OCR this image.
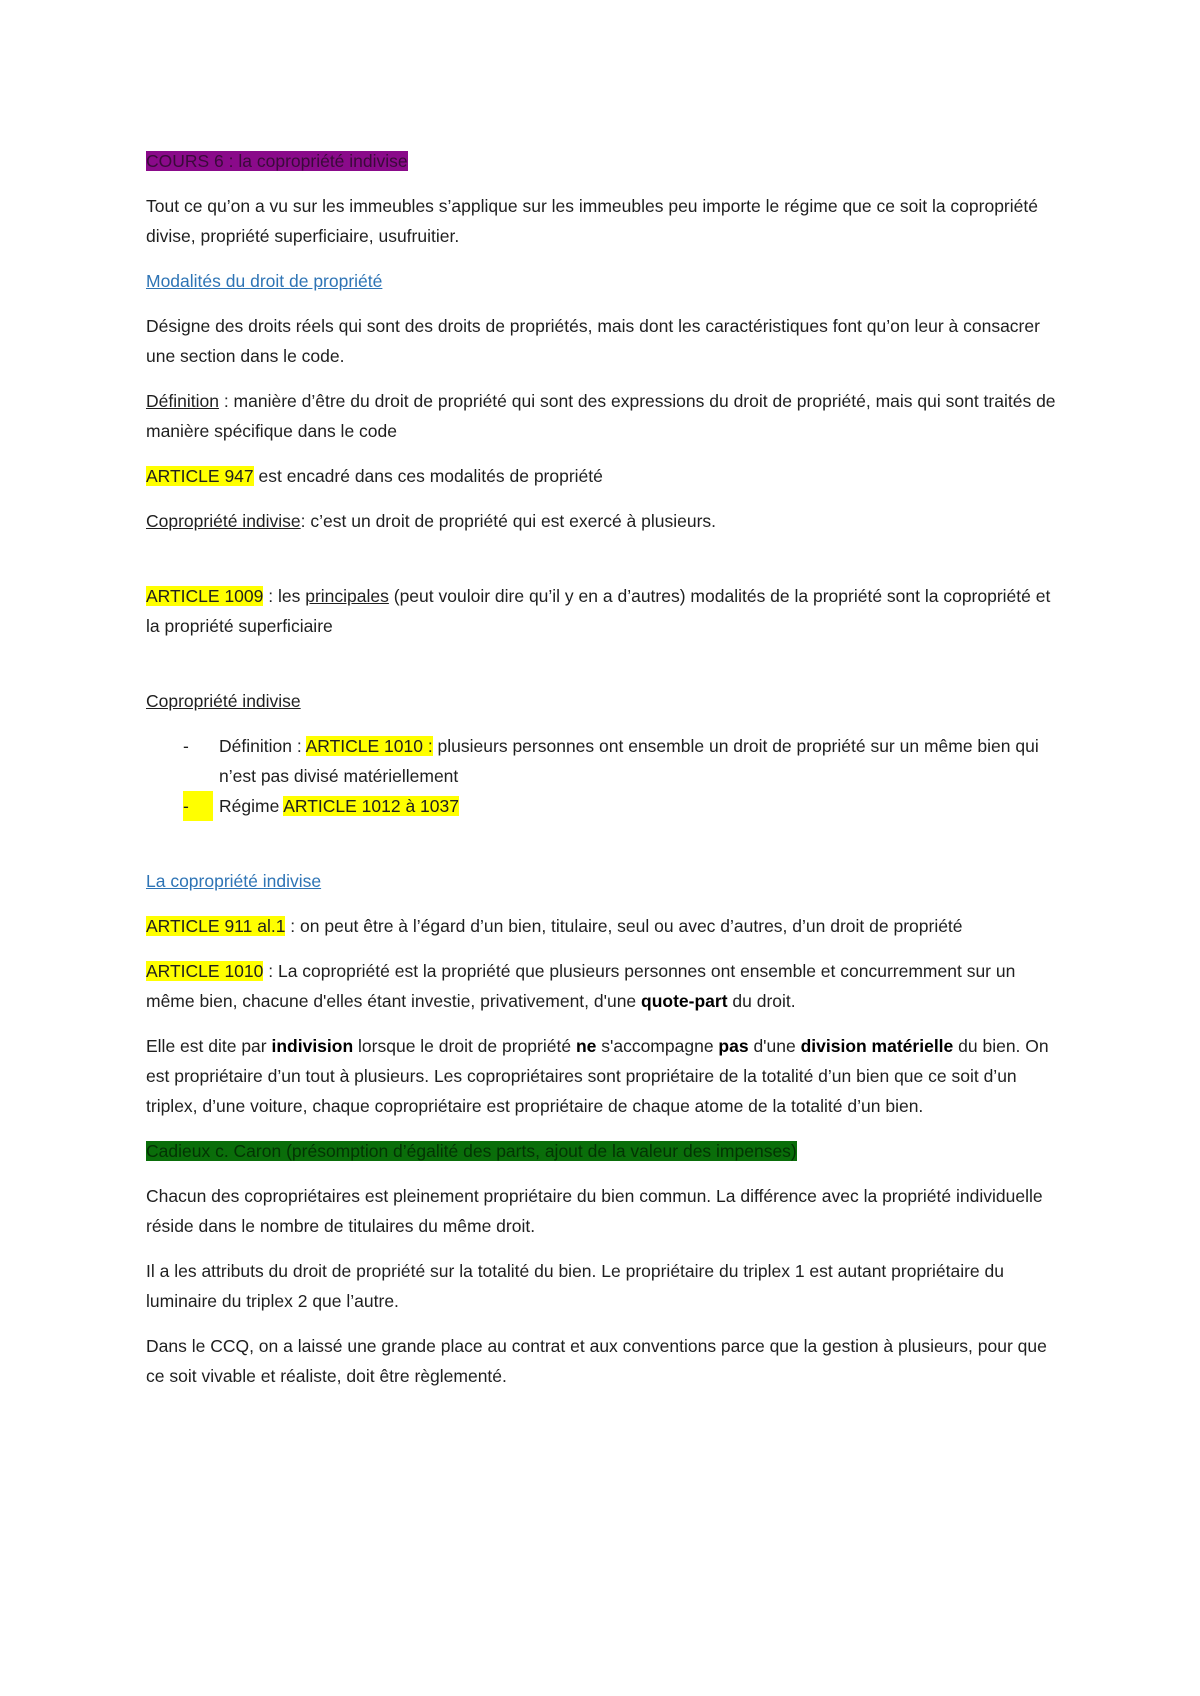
COURS 6 : la copropriété indivise

Tout ce qu’on a vu sur les immeubles s’applique sur les immeubles peu importe le régime que ce soit la copropriété divise, propriété superficiaire, usufruitier.

Modalités du droit de propriété

Désigne des droits réels qui sont des droits de propriétés, mais dont les caractéristiques font qu’on leur à consacrer une section dans le code.

Définition : manière d’être du droit de propriété qui sont des expressions du droit de propriété, mais qui sont traités de manière spécifique dans le code

ARTICLE 947 est encadré dans ces modalités de propriété

Copropriété indivise: c’est un droit de propriété qui est exercé à plusieurs.

ARTICLE 1009 : les principales (peut vouloir dire qu’il y en a d’autres) modalités de la propriété sont la copropriété et la propriété superficiaire

Copropriété indivise

- Définition : ARTICLE 1010 : plusieurs personnes ont ensemble un droit de propriété sur un même bien qui n’est pas divisé matériellement
-	Régime ARTICLE 1012 à 1037

La copropriété indivise

ARTICLE 911 al.1 : on peut être à l’égard d’un bien, titulaire, seul ou avec d’autres, d’un droit de propriété

ARTICLE 1010 : La copropriété est la propriété que plusieurs personnes ont ensemble et concurremment sur un même bien, chacune d'elles étant investie, privativement, d'une quote-part du droit.

Elle est dite par indivision lorsque le droit de propriété ne s'accompagne pas d'une division matérielle du bien. On est propriétaire d’un tout à plusieurs. Les copropriétaires sont propriétaire de la totalité d’un bien que ce soit d’un triplex, d’une voiture, chaque copropriétaire est propriétaire de chaque atome de la totalité d’un bien.

Cadieux c. Caron (présomption d’égalité des parts, ajout de la valeur des impenses)

Chacun des copropriétaires est pleinement propriétaire du bien commun. La différence avec la propriété individuelle réside dans le nombre de titulaires du même droit.

Il a les attributs du droit de propriété sur la totalité du bien. Le propriétaire du triplex 1 est autant propriétaire du luminaire du triplex 2 que l’autre.

Dans le CCQ, on a laissé une grande place au contrat et aux conventions parce que la gestion à plusieurs, pour que ce soit vivable et réaliste, doit être règlementé.
